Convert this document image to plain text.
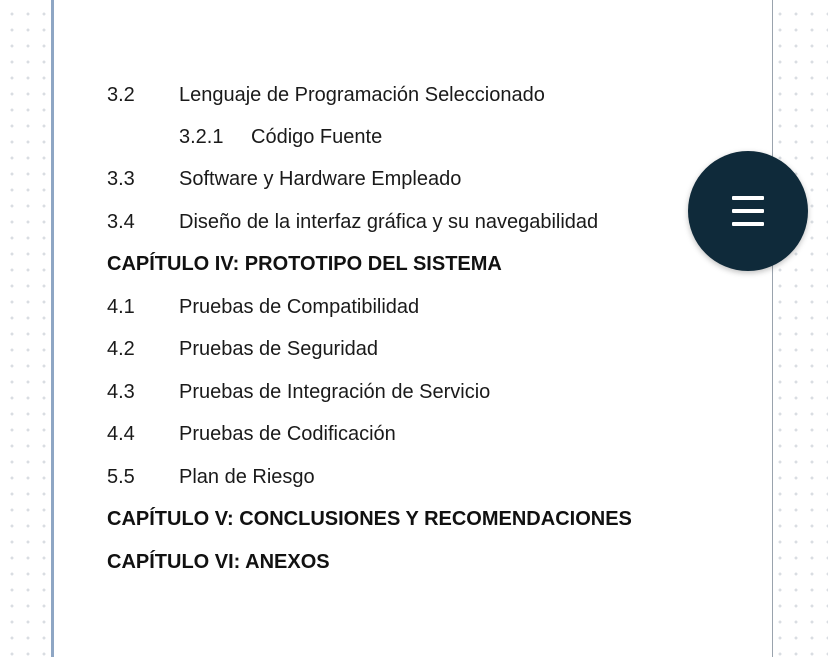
3.2 Lenguaje de Programación Seleccionado
3.2.1 Código Fuente
3.3 Software y Hardware Empleado
3.4 Diseño de la interfaz gráfica y su navegabilidad
CAPÍTULO IV: PROTOTIPO DEL SISTEMA
4.1 Pruebas de Compatibilidad
4.2 Pruebas de Seguridad
4.3 Pruebas de Integración de Servicio
4.4 Pruebas de Codificación
5.5 Plan de Riesgo
CAPÍTULO V: CONCLUSIONES Y RECOMENDACIONES
CAPÍTULO VI: ANEXOS
